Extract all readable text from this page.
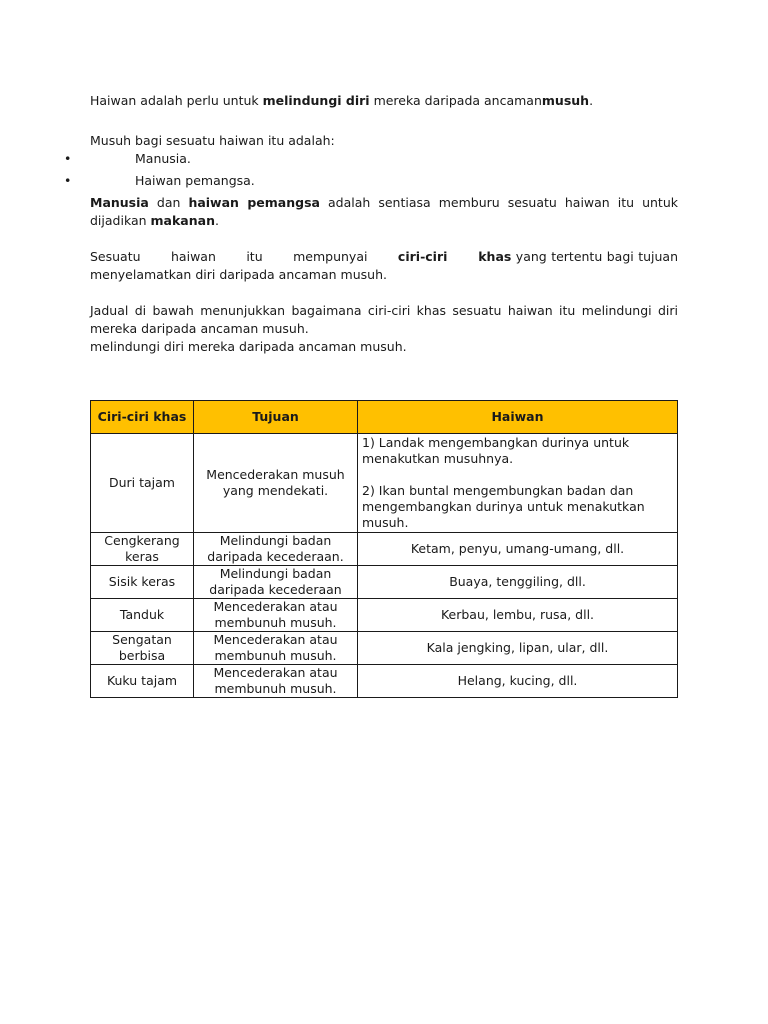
Haiwan adalah perlu untuk melindungi diri mereka daripada ancamanmusuh.

Musuh bagi sesuatu haiwan itu adalah:

•	Manusia.
•	Haiwan pemangsa.

Manusia dan haiwan pemangsa adalah sentiasa memburu sesuatu haiwan itu untuk dijadikan makanan.

Sesuatu haiwan itu mempunyai ciri-ciri khas yang tertentu bagi tujuan menyelamatkan diri daripada ancaman musuh.

Jadual di bawah menunjukkan bagaimana ciri-ciri khas sesuatu haiwan itu melindungi diri mereka daripada ancaman musuh.

melindungi diri mereka daripada ancaman musuh.

Ciri-ciri khas	Tujuan	Haiwan
Duri tajam	Mencederakan musuh yang mendekati.	1) Landak mengembangkan durinya untuk menakutkan musuhnya.
2) Ikan buntal mengembungkan badan dan mengembangkan durinya untuk menakutkan musuh.

Cengkerang keras	Melindungi badan daripada kecederaan.	Ketam, penyu, umang-umang, dll.
Sisik keras	Melindungi badan daripada kecederaan	Buaya, tenggiling, dll.
Tanduk	Mencederakan atau membunuh musuh.	Kerbau, lembu, rusa, dll.
Sengatan berbisa	Mencederakan atau membunuh musuh.	Kala jengking, lipan, ular, dll.
Kuku tajam	Mencederakan atau membunuh musuh.	Helang, kucing, dll.
